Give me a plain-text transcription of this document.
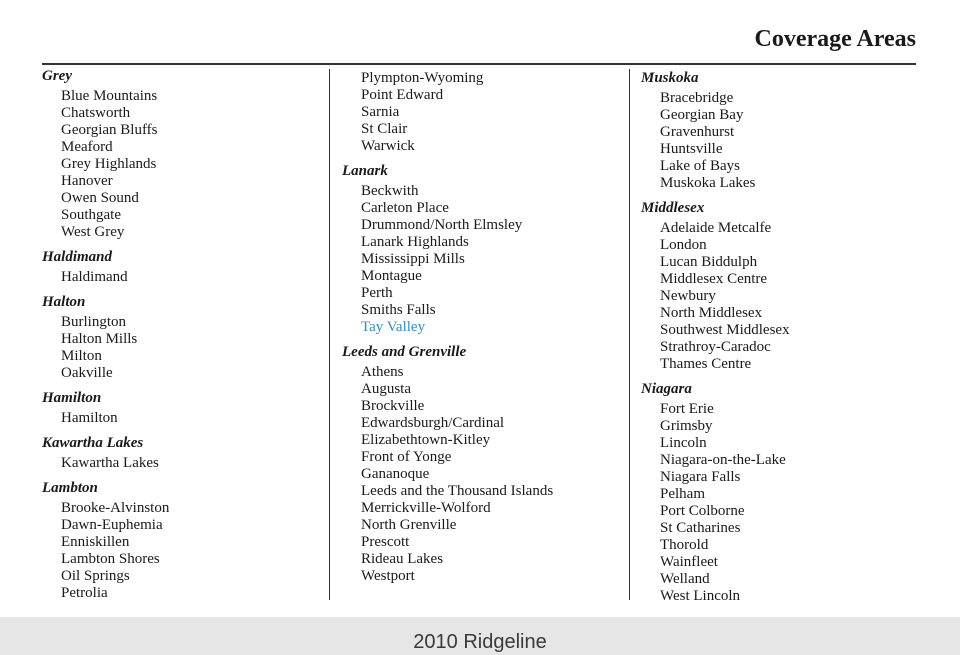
Coverage Areas
Grey
Blue Mountains
Chatsworth
Georgian Bluffs
Meaford
Grey Highlands
Hanover
Owen Sound
Southgate
West Grey
Haldimand
Haldimand
Halton
Burlington
Halton Mills
Milton
Oakville
Hamilton
Hamilton
Kawartha Lakes
Kawartha Lakes
Lambton
Brooke-Alvinston
Dawn-Euphemia
Enniskillen
Lambton Shores
Oil Springs
Petrolia
Plympton-Wyoming
Point Edward
Sarnia
St Clair
Warwick
Lanark
Beckwith
Carleton Place
Drummond/North Elmsley
Lanark Highlands
Mississippi Mills
Montague
Perth
Smiths Falls
Tay Valley
Leeds and Grenville
Athens
Augusta
Brockville
Edwardsburgh/Cardinal
Elizabethtown-Kitley
Front of Yonge
Gananoque
Leeds and the Thousand Islands
Merrickville-Wolford
North Grenville
Prescott
Rideau Lakes
Westport
Muskoka
Bracebridge
Georgian Bay
Gravenhurst
Huntsville
Lake of Bays
Muskoka Lakes
Middlesex
Adelaide Metcalfe
London
Lucan Biddulph
Middlesex Centre
Newbury
North Middlesex
Southwest Middlesex
Strathroy-Caradoc
Thames Centre
Niagara
Fort Erie
Grimsby
Lincoln
Niagara-on-the-Lake
Niagara Falls
Pelham
Port Colborne
St Catharines
Thorold
Wainfleet
Welland
West Lincoln
2010 Ridgeline
